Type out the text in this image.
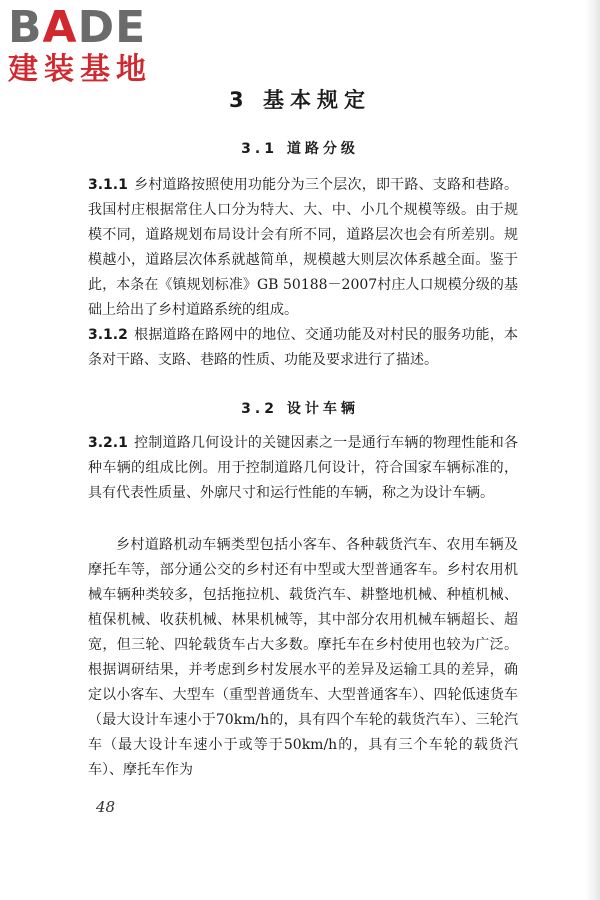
BADE
建装基地
3 基本规定
3.1 道路分级
3.1.1 乡村道路按照使用功能分为三个层次，即干路、支路和巷路。我国村庄根据常住人口分为特大、大、中、小几个规模等级。由于规模不同，道路规划布局设计会有所不同，道路层次也会有所差别。规模越小，道路层次体系就越简单，规模越大则层次体系越全面。鉴于此，本条在《镇规划标准》GB 50188－2007村庄人口规模分级的基础上给出了乡村道路系统的组成。
3.1.2 根据道路在路网中的地位、交通功能及对村民的服务功能，本条对干路、支路、巷路的性质、功能及要求进行了描述。
3.2 设计车辆
3.2.1 控制道路几何设计的关键因素之一是通行车辆的物理性能和各种车辆的组成比例。用于控制道路几何设计，符合国家车辆标准的，具有代表性质量、外廓尺寸和运行性能的车辆，称之为设计车辆。
乡村道路机动车辆类型包括小客车、各种载货汽车、农用车辆及摩托车等，部分通公交的乡村还有中型或大型普通客车。乡村农用机械车辆种类较多，包括拖拉机、载货汽车、耕整地机械、种植机械、植保机械、收获机械、林果机械等，其中部分农用机械车辆超长、超宽，但三轮、四轮载货车占大多数。摩托车在乡村使用也较为广泛。根据调研结果，并考虑到乡村发展水平的差异及运输工具的差异，确定以小客车、大型车（重型普通货车、大型普通客车）、四轮低速货车（最大设计车速小于70km/h的，具有四个车轮的载货汽车）、三轮汽车（最大设计车速小于或等于50km/h的，具有三个车轮的载货汽车）、摩托车作为
48
